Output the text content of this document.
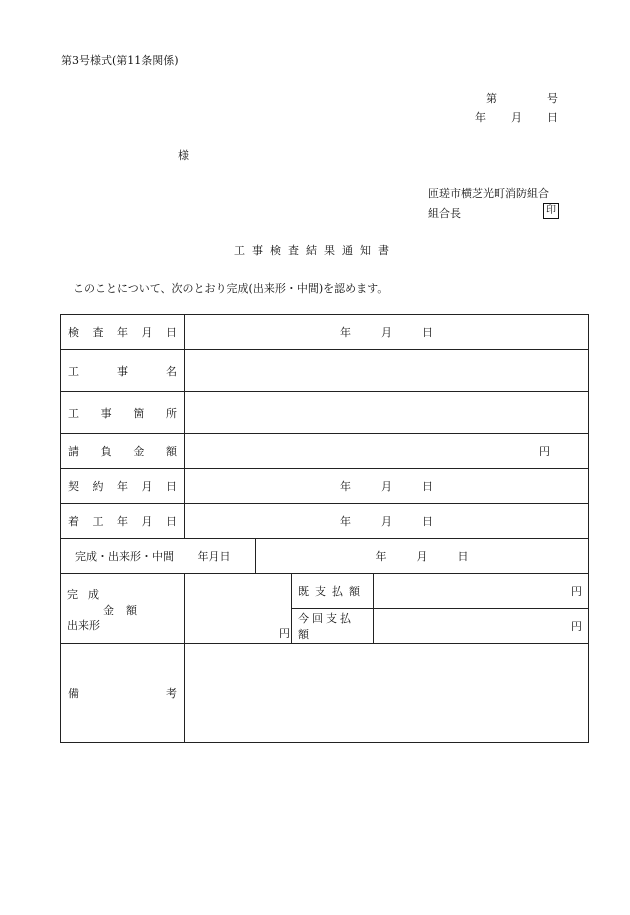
第3号様式(第11条関係)
第	号
年 月 日
様
匝瑳市横芝光町消防組合
組合長	印
工事検査結果通知書
このことについて、次のとおり完成(出来形・中間)を認めます。
検 査 年 月 日	年 月 日			

工 事 名				

工 事 箇 所				

請 負 金 額	円			

契 約 年 月 日	年 月 日			

着 工 年 月 日	年 月 日			

完成・出来形・中間 年月日		年 月 日		

完成
金額
出来形	円		既支払額	円
			今回支払額	円

備 考				
